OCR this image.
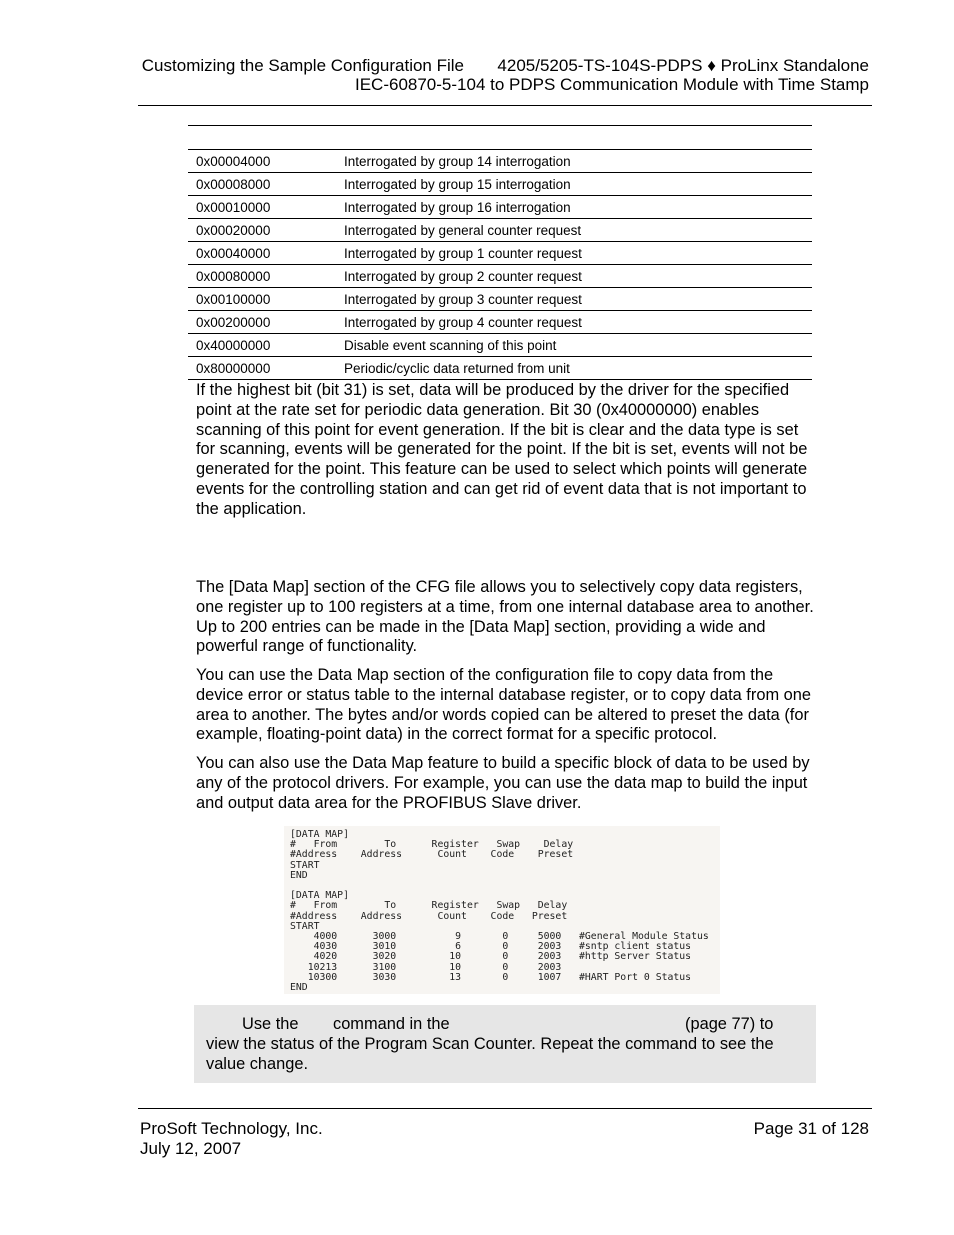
Customizing the Sample Configuration File 4205/5205-TS-104S-PDPS ♦ ProLinx Standalone
IEC-60870-5-104 to PDPS Communication Module with Time Stamp
0x00004000	Interrogated by group 14 interrogation
0x00008000	Interrogated by group 15 interrogation
0x00010000	Interrogated by group 16 interrogation
0x00020000	Interrogated by general counter request
0x00040000	Interrogated by group 1 counter request
0x00080000	Interrogated by group 2 counter request
0x00100000	Interrogated by group 3 counter request
0x00200000	Interrogated by group 4 counter request
0x40000000	Disable event scanning of this point
0x80000000	Periodic/cyclic data returned from unit
If the highest bit (bit 31) is set, data will be produced by the driver for the specified point at the rate set for periodic data generation. Bit 30 (0x40000000) enables scanning of this point for event generation. If the bit is clear and the data type is set for scanning, events will be generated for the point. If the bit is set, events will not be generated for the point. This feature can be used to select which points will generate events for the controlling station and can get rid of event data that is not important to the application.
The [Data Map] section of the CFG file allows you to selectively copy data registers, one register up to 100 registers at a time, from one internal database area to another. Up to 200 entries can be made in the [Data Map] section, providing a wide and powerful range of functionality.
You can use the Data Map section of the configuration file to copy data from the device error or status table to the internal database register, or to copy data from one area to another. The bytes and/or words copied can be altered to preset the data (for example, floating-point data) in the correct format for a specific protocol.
You can also use the Data Map feature to build a specific block of data to be used by any of the protocol drivers. For example, you can use the data map to build the input and output data area for the PROFIBUS Slave driver.
[DATA MAP]
#   From        To      Register   Swap    Delay
#Address    Address      Count    Code    Preset
START
END

[DATA MAP]
#   From        To      Register   Swap   Delay
#Address    Address      Count    Code   Preset
START
4000      3000          9       0     5000   #General Module Status
4030      3010          6       0     2003   #sntp client status
4020      3020         10       0     2003   #http Server Status
10213      3100         10       0     2003
10300      3030         13       0     1007   #HART Port 0 Status
END
Use the command in the	(page 77) to
view the status of the Program Scan Counter. Repeat the command to see the value change.
ProSoft Technology, Inc.
July 12, 2007
Page 31 of 128
